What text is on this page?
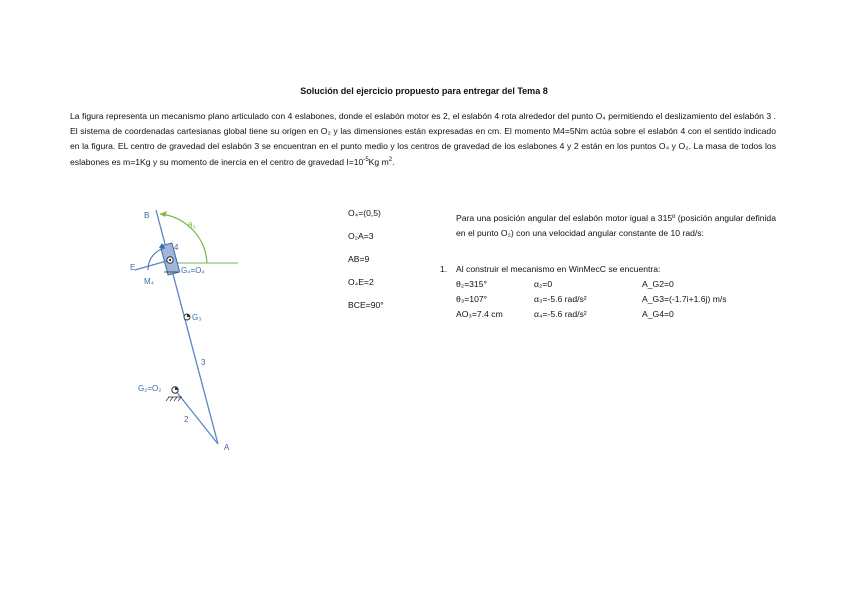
Solución del ejercicio propuesto para entregar del Tema 8
La figura representa un mecanismo plano articulado con 4 eslabones, donde el eslabón motor es 2, el eslabón 4 rota alrededor del punto O₄ permitiendo el deslizamiento del eslabón 3 . El sistema de coordenadas cartesianas global tiene su origen en O₂ y las dimensiones están expresadas en cm. El momento M4=5Nm actúa sobre el eslabón 4 con el sentido indicado en la figura. EL centro de gravedad del eslabón 3 se encuentran en el punto medio y los centros de gravedad de los eslabones 4 y 2 están en los puntos O₄ y O₂. La masa de todos los eslabones es m=1Kg y su momento de inercia en el centro de gravedad $I=10^{-5}Kg$ $m^2$.
B
θ₃
4
E	G₄=O₄
M₄
G₃
3
G₂=O₂
2
A
O₄=(0,5)
O₂A=3
AB=9
O₄E=2
BCE=90°
Para una posición angular del eslabón motor igual a 315º (posición angular definida en el punto O₂) con una velocidad angular constante de 10 rad/s:
1. Al construir el mecanismo en WinMecC se encuentra:
θ₂=315°	α₂=0	A_G2=0
θ₃=107°	α₃=-5.6 rad/s²	A_G3=(-1.7i+1.6j) m/s
AO₃=7.4 cm	α₄=-5.6 rad/s²	A_G4=0
